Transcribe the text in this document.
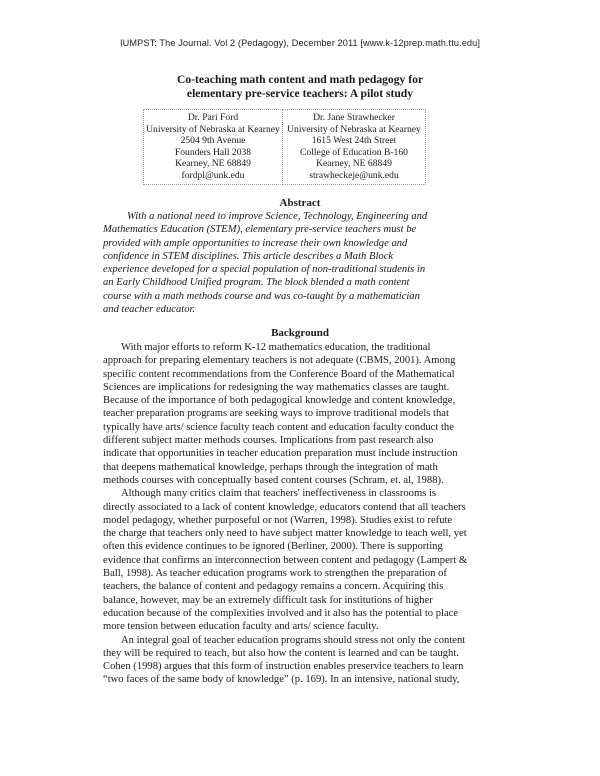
IUMPST: The Journal. Vol 2 (Pedagogy), December 2011 [www.k-12prep.math.ttu.edu]
Co-teaching math content and math pedagogy for
elementary pre-service teachers: A pilot study
Dr. Pari Ford
University of Nebraska at Kearney
2504 9th Avenue
Founders Hall 2038
Kearney, NE 68849
fordpl@unk.edu

Dr. Jane Strawhecker
University of Nebraska at Kearney
1615 West 24th Street
College of Education B-160
Kearney, NE 68849
strawheckeje@unk.edu
Abstract
With a national need to improve Science, Technology, Engineering and
Mathematics Education (STEM), elementary pre-service teachers must be
provided with ample opportunities to increase their own knowledge and
confidence in STEM disciplines. This article describes a Math Block
experience developed for a special population of non-traditional students in
an Early Childhood Unified program. The block blended a math content
course with a math methods course and was co-taught by a mathematician
and teacher educator.
Background
With major efforts to reform K-12 mathematics education, the traditional
approach for preparing elementary teachers is not adequate (CBMS, 2001). Among
specific content recommendations from the Conference Board of the Mathematical
Sciences are implications for redesigning the way mathematics classes are taught.
Because of the importance of both pedagogical knowledge and content knowledge,
teacher preparation programs are seeking ways to improve traditional models that
typically have arts/ science faculty teach content and education faculty conduct the
different subject matter methods courses. Implications from past research also
indicate that opportunities in teacher education preparation must include instruction
that deepens mathematical knowledge, perhaps through the integration of math
methods courses with conceptually based content courses (Schram, et. al, 1988).
Although many critics claim that teachers' ineffectiveness in classrooms is
directly associated to a lack of content knowledge, educators contend that all teachers
model pedagogy, whether purposeful or not (Warren, 1998). Studies exist to refute
the charge that teachers only need to have subject matter knowledge to teach well, yet
often this evidence continues to be ignored (Berliner, 2000). There is supporting
evidence that confirms an interconnection between content and pedagogy (Lampert &
Ball, 1998). As teacher education programs work to strengthen the preparation of
teachers, the balance of content and pedagogy remains a concern. Acquiring this
balance, however, may be an extremely difficult task for institutions of higher
education because of the complexities involved and it also has the potential to place
more tension between education faculty and arts/ science faculty.
An integral goal of teacher education programs should stress not only the content
they will be required to teach, but also how the content is learned and can be taught.
Cohen (1998) argues that this form of instruction enables preservice teachers to learn
“two faces of the same body of knowledge” (p. 169). In an intensive, national study,
